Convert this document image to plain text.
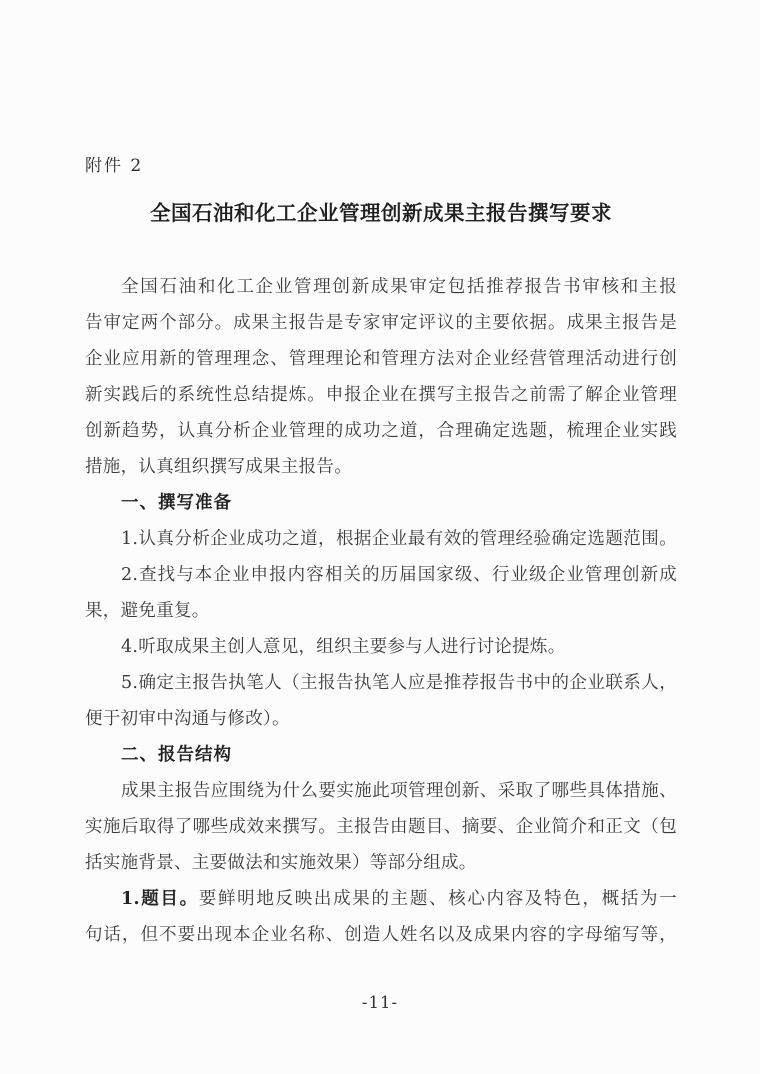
附件 2
全国石油和化工企业管理创新成果主报告撰写要求

全国石油和化工企业管理创新成果审定包括推荐报告书审核和主报

告审定两个部分。成果主报告是专家审定评议的主要依据。成果主报告是

企业应用新的管理理念、管理理论和管理方法对企业经营管理活动进行创

新实践后的系统性总结提炼。申报企业在撰写主报告之前需了解企业管理

创新趋势，认真分析企业管理的成功之道，合理确定选题，梳理企业实践

措施，认真组织撰写成果主报告。

一、撰写准备

1.认真分析企业成功之道，根据企业最有效的管理经验确定选题范围。

2.查找与本企业申报内容相关的历届国家级、行业级企业管理创新成

果，避免重复。

4.听取成果主创人意见，组织主要参与人进行讨论提炼。

5.确定主报告执笔人（主报告执笔人应是推荐报告书中的企业联系人，

便于初审中沟通与修改）。

二、报告结构

成果主报告应围绕为什么要实施此项管理创新、采取了哪些具体措施、

实施后取得了哪些成效来撰写。主报告由题目、摘要、企业简介和正文（包

括实施背景、主要做法和实施效果）等部分组成。

1.题目。要鲜明地反映出成果的主题、核心内容及特色，概括为一

句话，但不要出现本企业名称、创造人姓名以及成果内容的字母缩写等，

-11-
